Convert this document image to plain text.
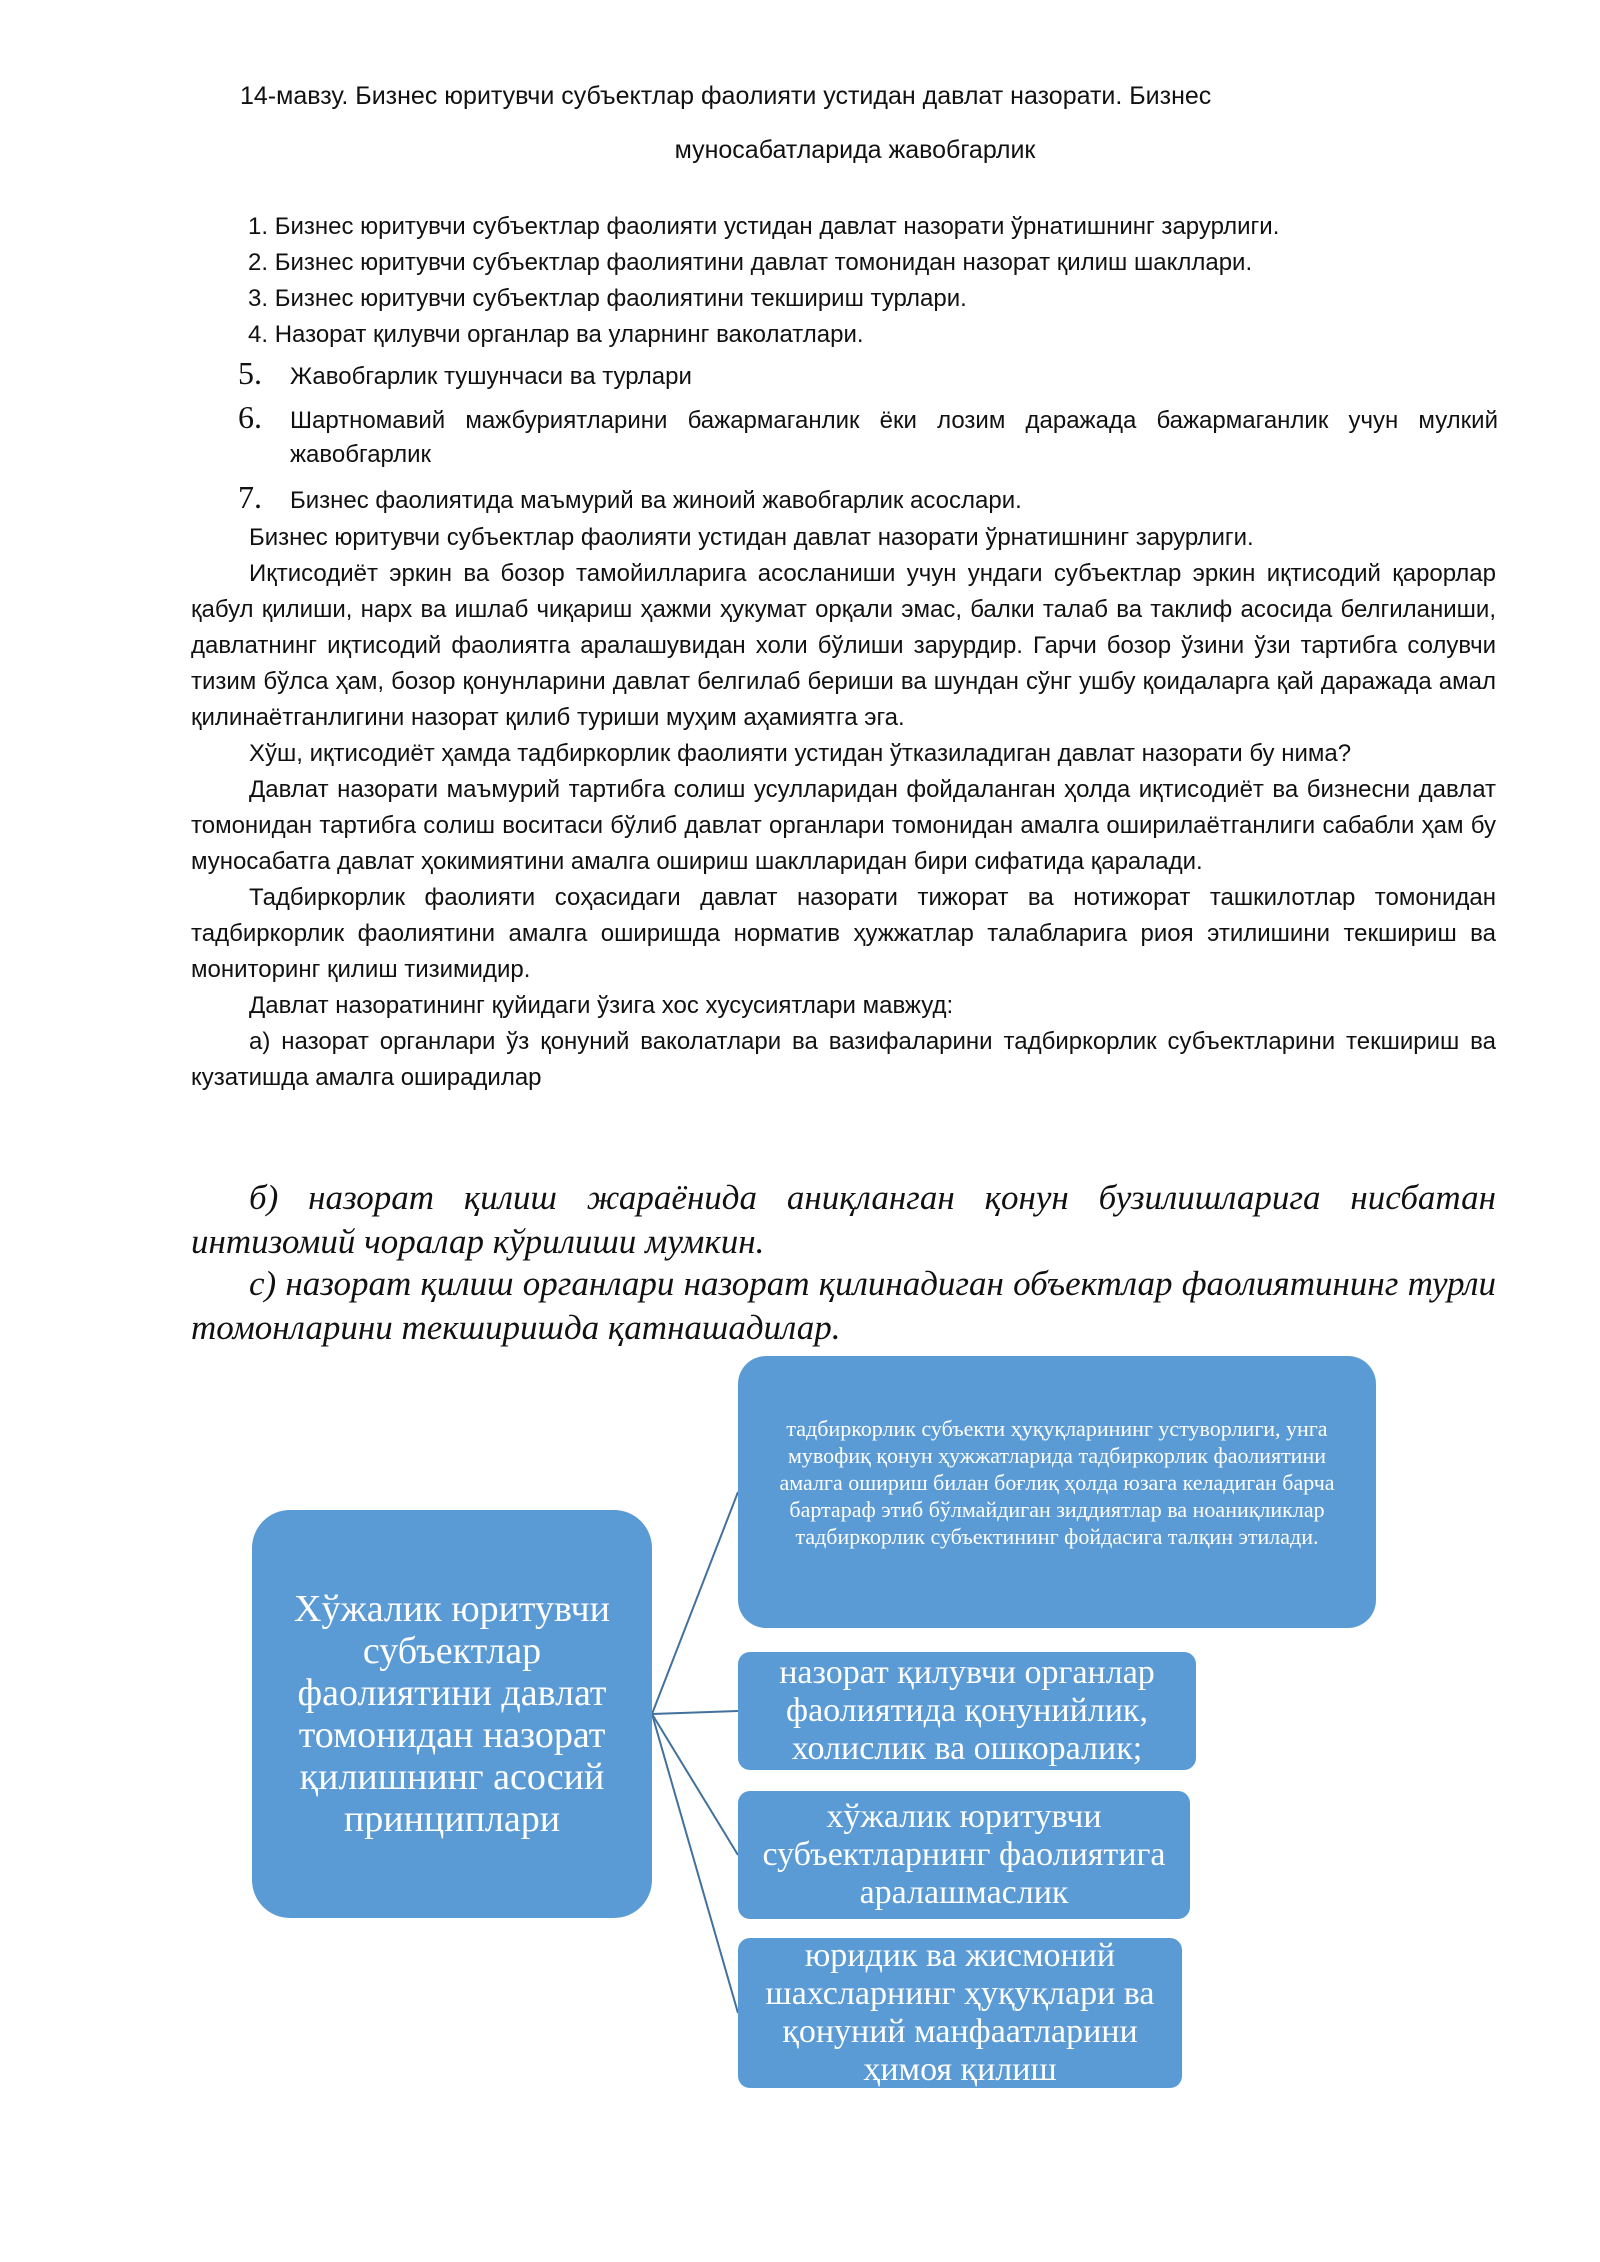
14-мавзу. Бизнес юритувчи субъектлар фаолияти устидан давлат назорати. Бизнес
муносабатларида жавобгарлик
1. Бизнес юритувчи субъектлар фаолияти устидан давлат назорати ўрнатишнинг зарурлиги.
2. Бизнес юритувчи субъектлар фаолиятини давлат томонидан назорат қилиш шакллари.
3. Бизнес юритувчи субъектлар фаолиятини текшириш турлари.
4. Назорат қилувчи органлар ва уларнинг ваколатлари.
5. Жавобгарлик тушунчаси ва турлари
6. Шартномавий мажбуриятларини бажармаганлик ёки лозим даражада бажармаганлик учун мулкий жавобгарлик
7. Бизнес фаолиятида маъмурий ва жиноий жавобгарлик асослари.

Бизнес юритувчи субъектлар фаолияти устидан давлат назорати ўрнатишнинг зарурлиги.

Иқтисодиёт эркин ва бозор тамойилларига асосланиши учун ундаги субъектлар эркин иқтисодий қарорлар қабул қилиши, нарх ва ишлаб чиқариш ҳажми ҳукумат орқали эмас, балки талаб ва таклиф асосида белгиланиши, давлатнинг иқтисодий фаолиятга аралашувидан холи бўлиши зарурдир. Гарчи бозор ўзини ўзи тартибга солувчи тизим бўлса ҳам, бозор қонунларини давлат белгилаб бериши ва шундан сўнг ушбу қоидаларга қай даражада амал қилинаётганлигини назорат қилиб туриши муҳим аҳамиятга эга.

Хўш, иқтисодиёт ҳамда тадбиркорлик фаолияти устидан ўтказиладиган давлат назорати бу нима?

Давлат назорати маъмурий тартибга солиш усулларидан фойдаланган ҳолда иқтисодиёт ва бизнесни давлат томонидан тартибга солиш воситаси бўлиб давлат органлари томонидан амалга оширилаётганлиги сабабли ҳам бу муносабатга давлат ҳокимиятини амалга ошириш шаклларидан бири сифатида қаралади.

Тадбиркорлик фаолияти соҳасидаги давлат назорати тижорат ва нотижорат ташкилотлар томонидан тадбиркорлик фаолиятини амалга оширишда норматив ҳужжатлар талабларига риоя этилишини текшириш ва мониторинг қилиш тизимидир.

Давлат назоратининг қуйидаги ўзига хос хусусиятлари мавжуд:

а) назорат органлари ўз қонуний ваколатлари ва вазифаларини тадбиркорлик субъектларини текшириш ва кузатишда амалга оширадилар

б) назорат қилиш жараёнида аниқланган қонун бузилишларига нисбатан интизомий чоралар кўрилиши мумкин.
с) назорат қилиш органлари назорат қилинадиган объектлар фаолиятининг турли томонларини текширишда қатнашадилар.
Хўжалик юритувчи субъектлар фаолиятини давлат томонидан назорат қилишнинг асосий принциплари
тадбиркорлик субъекти ҳуқуқларининг устуворлиги, унга мувофиқ қонун ҳужжатларида тадбиркорлик фаолиятини амалга ошириш билан боғлиқ ҳолда юзага келадиган барча бартараф этиб бўлмайдиган зиддиятлар ва ноаниқликлар тадбиркорлик субъектининг фойдасига талқин этилади.
назорат қилувчи органлар фаолиятида қонунийлик, холислик ва ошкоралик;
хўжалик юритувчи субъектларнинг фаолиятига аралашмаслик
юридик ва жисмоний шахсларнинг ҳуқуқлари ва қонуний манфаатларини ҳимоя қилиш
